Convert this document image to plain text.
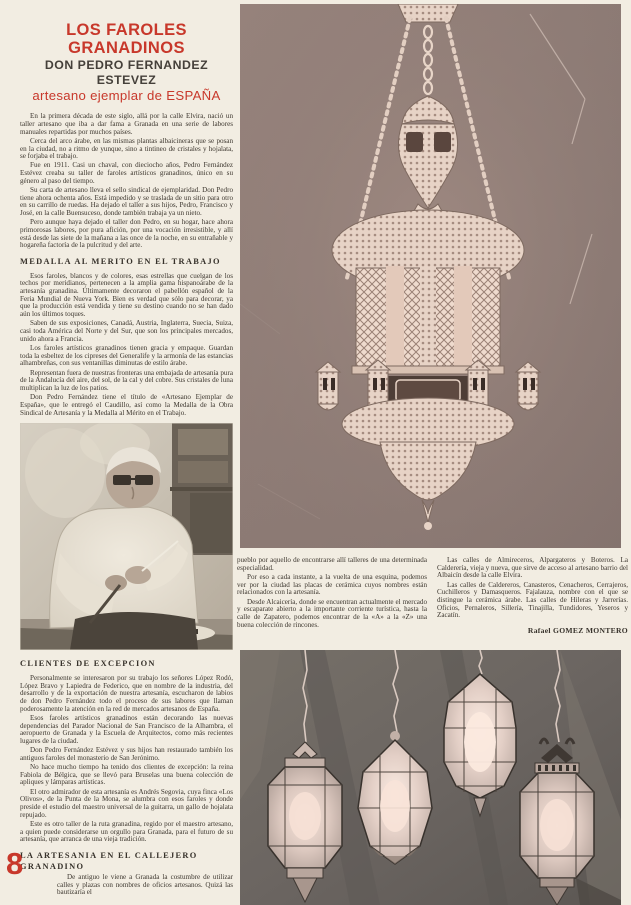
LOS FAROLES GRANADINOS
DON PEDRO FERNANDEZ ESTEVEZ
artesano ejemplar de ESPAÑA

En la primera década de este siglo, allá por la calle Elvira, nació un taller artesano que iba a dar fama a Granada en una serie de labores manuales repartidas por muchos países.

Cerca del arco árabe, en las mismas plantas albaicineras que se posan en la ciudad, no a ritmo de yunque, sino a tintineo de cristales y hojalata, se forjaba el trabajo.

Fue en 1911. Casi un chaval, con dieciocho años, Pedro Fernández Estévez creaba su taller de faroles artísticos granadinos, único en su género al paso del tiempo.

Su carta de artesano lleva el sello sindical de ejemplaridad. Don Pedro tiene ahora ochenta años. Está impedido y se traslada de un sitio para otro en su carrillo de ruedas. Ha dejado el taller a sus hijos, Pedro, Francisco y José, en la calle Buensuceso, donde también trabaja ya un nieto.

Pero aunque haya dejado el taller don Pedro, en su hogar, hace ahora primorosas labores, por pura afición, por una vocación irresistible, y allí está desde las siete de la mañana a las once de la noche, en su entrañable y hogareña factoría de la pulcritud y del arte.

MEDALLA AL MERITO EN EL TRABAJO

Esos faroles, blancos y de colores, esas estrellas que cuelgan de los techos por meridianos, pertenecen a la amplia gama hispanoárabe de la artesanía granadina. Últimamente decoraron el pabellón español de la Feria Mundial de Nueva York. Bien es verdad que sólo para decorar, ya que la producción está vendida y tiene su destino cuando no se han dado aún los últimos toques.

Saben de sus exposiciones, Canadá, Austria, Inglaterra, Suecia, Suiza, casi toda América del Norte y del Sur, que son los principales mercados, unido ahora a Francia.

Los faroles artísticos granadinos tienen gracia y empaque. Guardan toda la esbeltez de los cipreses del Generalife y la armonía de las estancias alhambreñas, con sus ventanillas diminutas de estilo árabe.

Representan fuera de nuestras fronteras una embajada de artesanía pura de la Andalucía del aire, del sol, de la cal y del cobre. Sus cristales de luna multiplican la luz de los patios.

Don Pedro Fernández tiene el título de «Artesano Ejemplar de España», que le entregó el Caudillo, así como la Medalla de la Obra Sindical de Artesanía y la Medalla al Mérito en el Trabajo.

CLIENTES DE EXCEPCION

Personalmente se interesaron por su trabajo los señores López Rodó, López Bravo y Lapiedra de Federico, que en nombre de la industria, del desarrollo y de la exportación de nuestra artesanía, escucharon de labios de don Pedro Fernández todo el proceso de sus labores que llaman poderosamente la atención en la red de mercados artesanos de España.

Esos faroles artísticos granadinos están decorando las nuevas dependencias del Parador Nacional de San Francisco de la Alhambra, el aeropuerto de Granada y la Escuela de Arquitectos, como más recientes lugares de la ciudad.

Don Pedro Fernández Estévez y sus hijos han restaurado también los antiguos faroles del monasterio de San Jerónimo.

No hace mucho tiempo ha tenido dos clientes de excepción: la reina Fabiola de Bélgica, que se llevó para Bruselas una buena colección de apliques y lámparas artísticas.

El otro admirador de esta artesanía es Andrés Segovia, cuya finca «Los Olivos», de la Punta de la Mona, se alumbra con esos faroles y donde preside el estudio del maestro universal de la guitarra, un gallo de hojalata repujado.

Este es otro taller de la ruta granadina, regido por el maestro artesano, a quien puede considerarse un orgullo para Granada, para el futuro de su artesanía, que arranca de una vieja tradición.

LA ARTESANIA EN EL CALLEJERO
GRANADINO

De antiguo le viene a Granada la costumbre de utilizar calles y plazas con nombres de oficios artesanos. Quizá las bautizaría el

8

pueblo por aquello de encontrarse allí talleres de una determinada especialidad.

Por eso a cada instante, a la vuelta de una esquina, podemos ver por la ciudad las placas de cerámica cuyos nombres están relacionados con la artesanía.

Desde Alcaicería, donde se encuentran actualmente el mercado y escaparate abierto a la importante corriente turística, hasta la calle de Zapatero, podemos encontrar de la «A» a la «Z» una buena colección de rincones.

Las calles de Almireceros, Alpargateros y Boteros. La Calderería, vieja y nueva, que sirve de acceso al artesano barrio del Albaicín desde la calle Elvira.

Las calles de Caldereros, Canasteros, Cenacheros, Cerrajeros, Cuchilleros y Damasqueros. Fajalauza, nombre con el que se distingue la cerámica árabe. Las calles de Hileras y Jarrerías. Oficios, Pernaleros, Sillería, Tinajilla, Tundidores, Yeseros y Zacatín.

Rafael GOMEZ MONTERO
